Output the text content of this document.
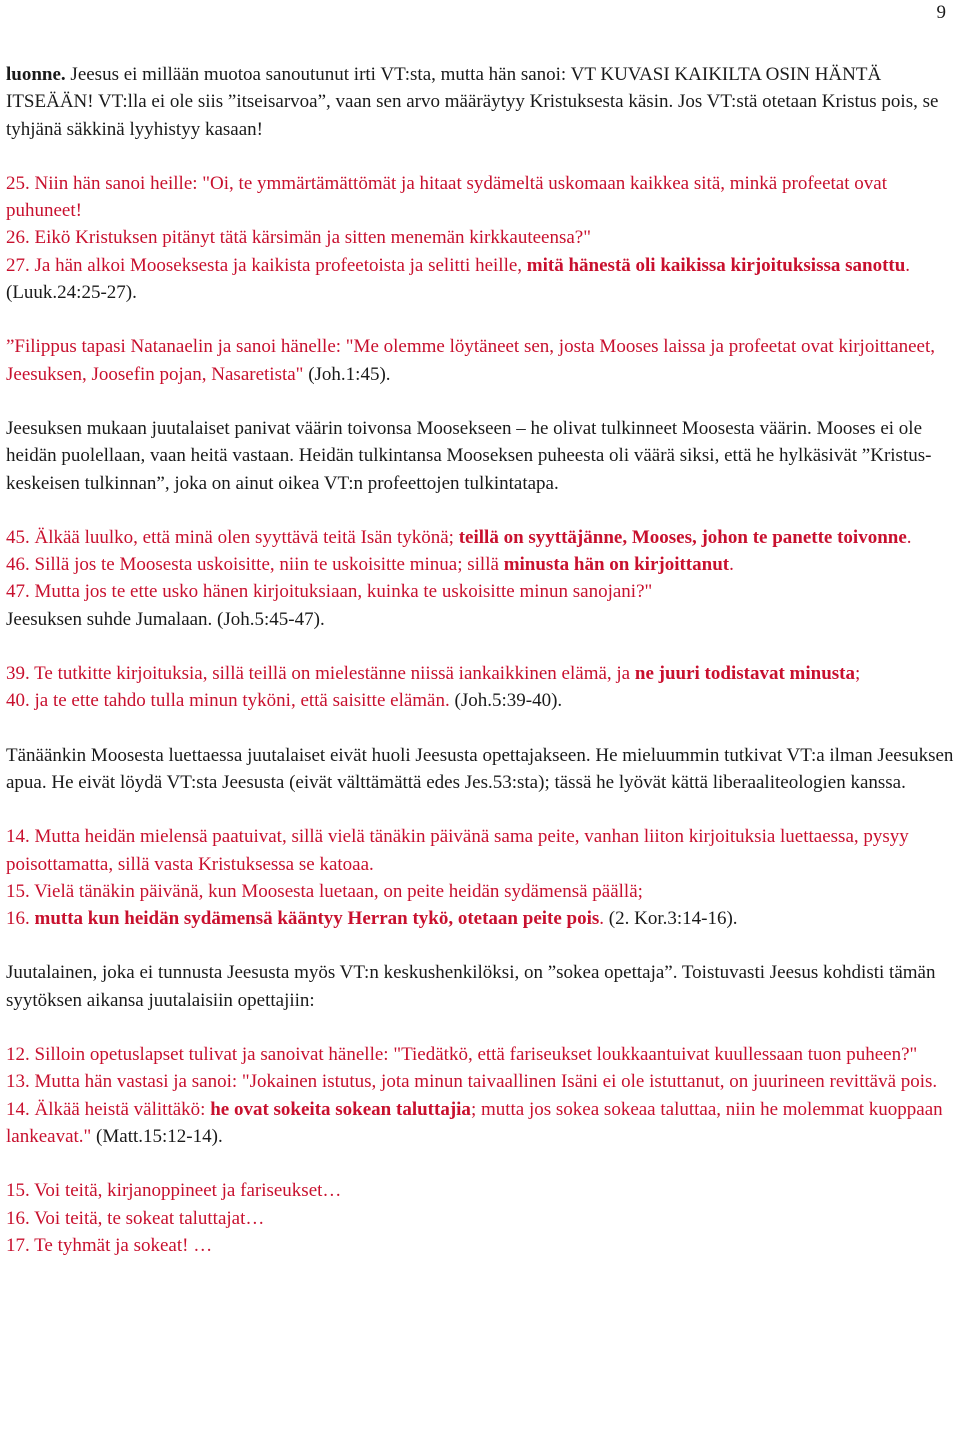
9

luonne. Jeesus ei millään muotoa sanoutunut irti VT:sta, mutta hän sanoi: VT KUVASI KAIKILTA OSIN HÄNTÄ ITSEÄÄN! VT:lla ei ole siis ”itseisarvoa”, vaan sen arvo määräytyy Kristuksesta käsin. Jos VT:stä otetaan Kristus pois, se tyhjänä säkkinä lyyhistyy kasaan!

25. Niin hän sanoi heille: "Oi, te ymmärtämättömät ja hitaat sydämeltä uskomaan kaikkea sitä, minkä profeetat ovat puhuneet!

26. Eikö Kristuksen pitänyt tätä kärsimän ja sitten menemän kirkkauteensa?"

27. Ja hän alkoi Mooseksesta ja kaikista profeetoista ja selitti heille, mitä hänestä oli kaikissa kirjoituksissa sanottu. (Luuk.24:25-27).

”Filippus tapasi Natanaelin ja sanoi hänelle: "Me olemme löytäneet sen, josta Mooses laissa ja profeetat ovat kirjoittaneet, Jeesuksen, Joosefin pojan, Nasaretista" (Joh.1:45).

Jeesuksen mukaan juutalaiset panivat väärin toivonsa Moosekseen – he olivat tulkinneet Moosesta väärin. Mooses ei ole heidän puolellaan, vaan heitä vastaan. Heidän tulkintansa Mooseksen puheesta oli väärä siksi, että he hylkäsivät ”Kristus-keskeisen tulkinnan”, joka on ainut oikea VT:n profeettojen tulkintatapa.

45. Älkää luulko, että minä olen syyttävä teitä Isän tykönä; teillä on syyttäjänne, Mooses, johon te panette toivonne.

46. Sillä jos te Moosesta uskoisitte, niin te uskoisitte minua; sillä minusta hän on kirjoittanut.

47. Mutta jos te ette usko hänen kirjoituksiaan, kuinka te uskoisitte minun sanojani?"

Jeesuksen suhde Jumalaan. (Joh.5:45-47).

39. Te tutkitte kirjoituksia, sillä teillä on mielestänne niissä iankaikkinen elämä, ja ne juuri todistavat minusta;

40. ja te ette tahdo tulla minun tyköni, että saisitte elämän. (Joh.5:39-40).

Tänäänkin Moosesta luettaessa juutalaiset eivät huoli Jeesusta opettajakseen. He mieluummin tutkivat VT:a ilman Jeesuksen apua. He eivät löydä VT:sta Jeesusta (eivät välttämättä edes Jes.53:sta); tässä he lyövät kättä liberaaliteologien kanssa.

14. Mutta heidän mielensä paatuivat, sillä vielä tänäkin päivänä sama peite, vanhan liiton kirjoituksia luettaessa, pysyy poisottamatta, sillä vasta Kristuksessa se katoaa.

15. Vielä tänäkin päivänä, kun Moosesta luetaan, on peite heidän sydämensä päällä;

16. mutta kun heidän sydämensä kääntyy Herran tykö, otetaan peite pois. (2. Kor.3:14-16).

Juutalainen, joka ei tunnusta Jeesusta myös VT:n keskushenkilöksi, on ”sokea opettaja”. Toistuvasti Jeesus kohdisti tämän syytöksen aikansa juutalaisiin opettajiin:

12. Silloin opetuslapset tulivat ja sanoivat hänelle: "Tiedätkö, että fariseukset loukkaantuivat kuullessaan tuon puheen?"

13. Mutta hän vastasi ja sanoi: "Jokainen istutus, jota minun taivaallinen Isäni ei ole istuttanut, on juurineen revittävä pois.

14. Älkää heistä välittäkö: he ovat sokeita sokean taluttajia; mutta jos sokea sokeaa taluttaa, niin he molemmat kuoppaan lankeavat." (Matt.15:12-14).

15. Voi teitä, kirjanoppineet ja fariseukset…

16. Voi teitä, te sokeat taluttajat…

17. Te tyhmät ja sokeat! …
